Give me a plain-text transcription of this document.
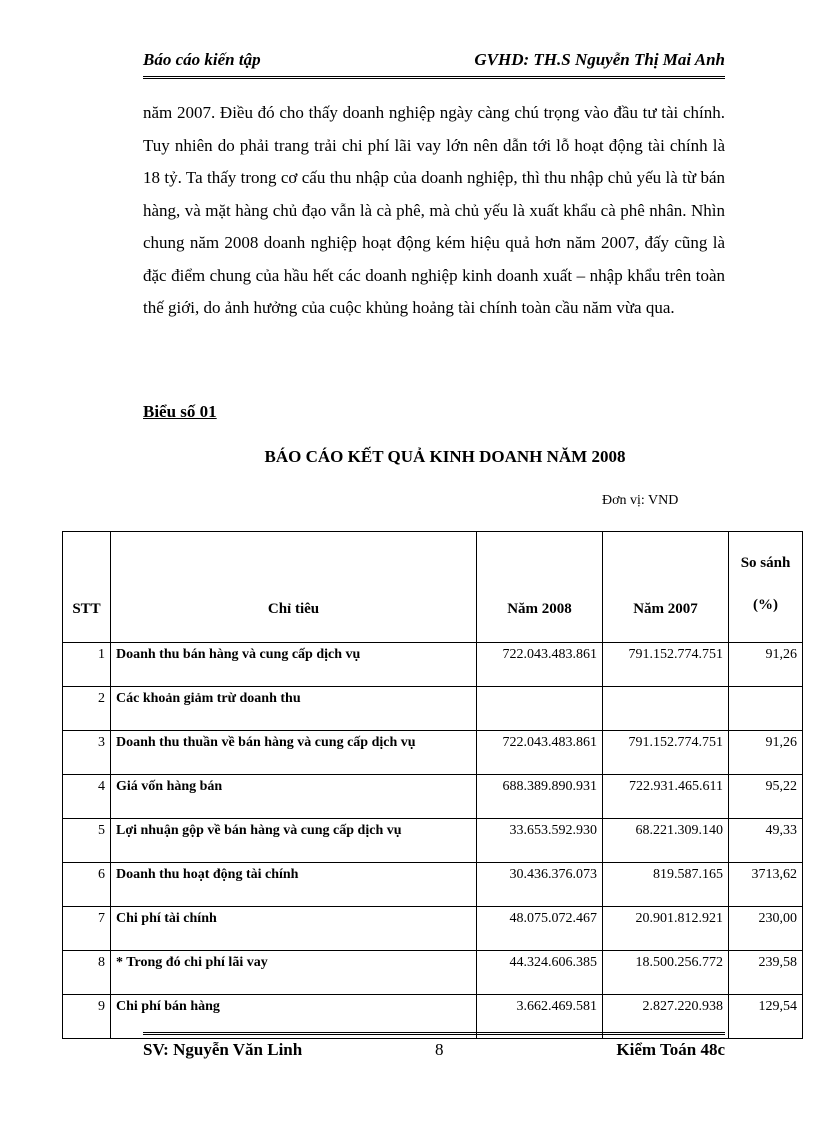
Báo cáo kiến tập	GVHD: TH.S Nguyễn Thị Mai Anh

năm 2007. Điều đó cho thấy doanh nghiệp ngày càng chú trọng vào đầu tư tài chính. Tuy nhiên do phải trang trải chi phí lãi vay lớn nên dẫn tới lỗ hoạt động tài chính là 18 tỷ. Ta thấy trong cơ cấu thu nhập của doanh nghiệp, thì thu nhập chủ yếu là từ bán hàng, và mặt hàng chủ đạo vẫn là cà phê, mà chủ yếu là xuất khẩu cà phê nhân. Nhìn chung năm 2008 doanh nghiệp hoạt động kém hiệu quả hơn năm 2007, đấy cũng là đặc điểm chung của hầu hết các doanh nghiệp kinh doanh xuất – nhập khẩu trên toàn thế giới, do ảnh hưởng của cuộc khủng hoảng tài chính toàn cầu năm vừa qua.

Biểu số 01
BÁO CÁO KẾT QUẢ KINH DOANH NĂM 2008
Đơn vị: VND
STT	Chỉ tiêu	Năm 2008	Năm 2007	So sánh
(%)
1	Doanh thu bán hàng và cung cấp dịch vụ	722.043.483.861	791.152.774.751	91,26
2	Các khoản giảm trừ doanh thu			
3	Doanh thu thuần về bán hàng và cung cấp dịch vụ	722.043.483.861	791.152.774.751	91,26
4	Giá vốn hàng bán	688.389.890.931	722.931.465.611	95,22
5	Lợi nhuận gộp về bán hàng và cung cấp dịch vụ	33.653.592.930	68.221.309.140	49,33
6	Doanh thu hoạt động tài chính	30.436.376.073	819.587.165	3713,62
7	Chi phí tài chính	48.075.072.467	20.901.812.921	230,00
8	* Trong đó chi phí lãi vay	44.324.606.385	18.500.256.772	239,58
9	Chi phí bán hàng	3.662.469.581	2.827.220.938	129,54
SV: Nguyễn Văn Linh	8	Kiểm Toán 48c
